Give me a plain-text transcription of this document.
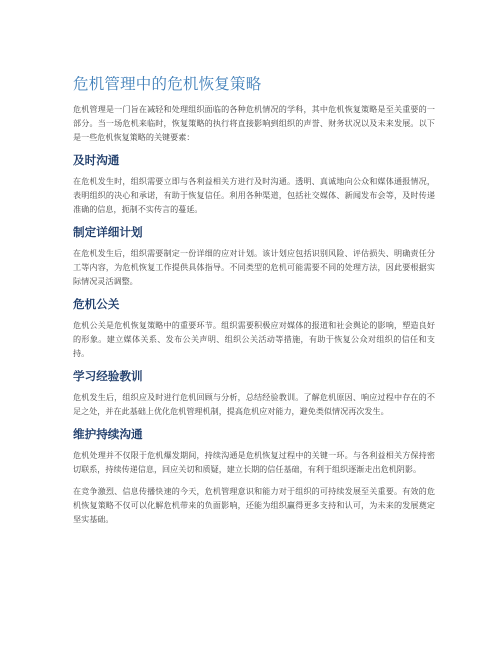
危机管理中的危机恢复策略

危机管理是一门旨在减轻和处理组织面临的各种危机情况的学科，其中危机恢复策略是至关重要的一部分。当一场危机来临时，恢复策略的执行将直接影响到组织的声誉、财务状况以及未来发展。以下是一些危机恢复策略的关键要素：

及时沟通

在危机发生时，组织需要立即与各利益相关方进行及时沟通。透明、真诚地向公众和媒体通报情况，表明组织的决心和承诺，有助于恢复信任。利用各种渠道，包括社交媒体、新闻发布会等，及时传递准确的信息，扼制不实传言的蔓延。

制定详细计划

在危机发生后，组织需要制定一份详细的应对计划。该计划应包括识别风险、评估损失、明确责任分工等内容，为危机恢复工作提供具体指导。不同类型的危机可能需要不同的处理方法，因此要根据实际情况灵活调整。

危机公关

危机公关是危机恢复策略中的重要环节。组织需要积极应对媒体的报道和社会舆论的影响，塑造良好的形象。建立媒体关系、发布公关声明、组织公关活动等措施，有助于恢复公众对组织的信任和支持。

学习经验教训

危机发生后，组织应及时进行危机回顾与分析，总结经验教训。了解危机原因、响应过程中存在的不足之处，并在此基础上优化危机管理机制，提高危机应对能力，避免类似情况再次发生。

维护持续沟通

危机处理并不仅限于危机爆发期间，持续沟通是危机恢复过程中的关键一环。与各利益相关方保持密切联系，持续传递信息，回应关切和质疑，建立长期的信任基础，有利于组织逐渐走出危机阴影。

在竞争激烈、信息传播快速的今天，危机管理意识和能力对于组织的可持续发展至关重要。有效的危机恢复策略不仅可以化解危机带来的负面影响，还能为组织赢得更多支持和认可，为未来的发展奠定坚实基础。
